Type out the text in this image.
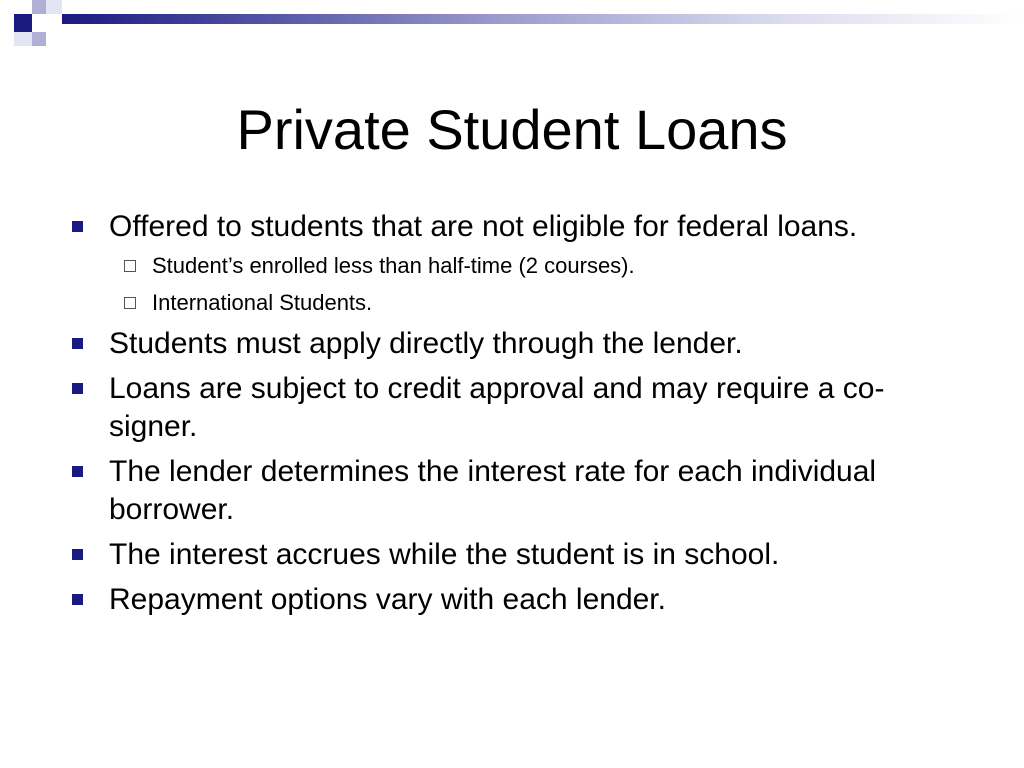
Private Student Loans
Offered to students that are not eligible for federal loans.
Student’s enrolled less than half-time (2 courses).
International Students.
Students must apply directly through the lender.
Loans are subject to credit approval and may require a co-signer.
The lender determines the interest rate for each individual borrower.
The interest accrues while the student is in school.
Repayment options vary with each lender.
